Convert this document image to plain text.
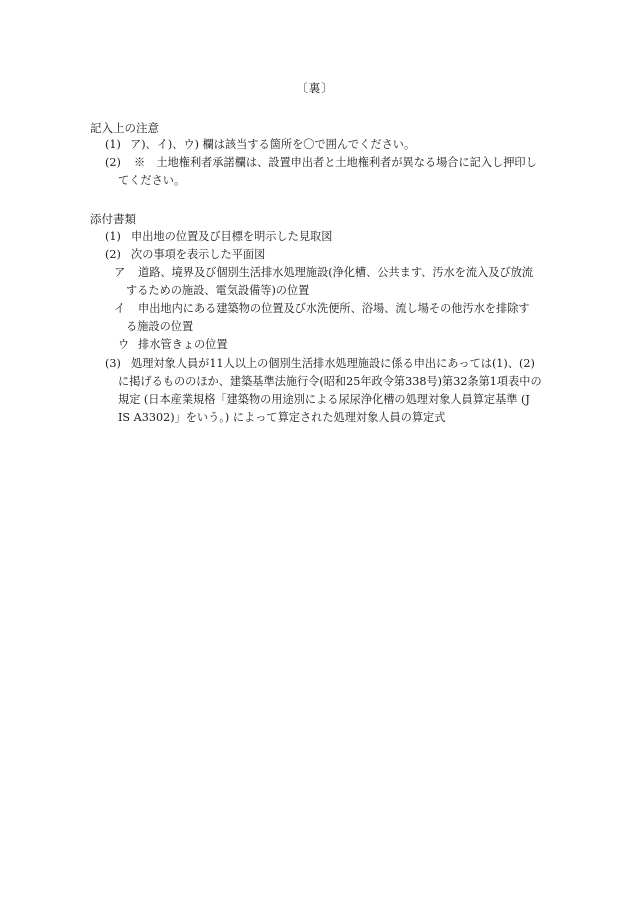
〔裏〕
記入上の注意
(1) ア)、イ)、ウ) 欄は該当する箇所を〇で囲んでください。
(2) ※　土地権利者承諾欄は、設置申出者と土地権利者が異なる場合に記入し押印し
てください。
添付書類
(1) 申出地の位置及び目標を明示した見取図
(2) 次の事項を表示した平面図
ア 道路、境界及び個別生活排水処理施設(浄化槽、公共ます、汚水を流入及び放流
するための施設、電気設備等)の位置
イ 申出地内にある建築物の位置及び水洗便所、浴場、流し場その他汚水を排除す
る施設の位置
ウ 排水管きょの位置
(3) 処理対象人員が11人以上の個別生活排水処理施設に係る申出にあっては(1)、(2)
に掲げるもののほか、建築基準法施行令(昭和25年政令第338号)第32条第1項表中の
規定 (日本産業規格「建築物の用途別による尿尿浄化槽の処理対象人員算定基準 (J
IS A3302)」をいう。) によって算定された処理対象人員の算定式
